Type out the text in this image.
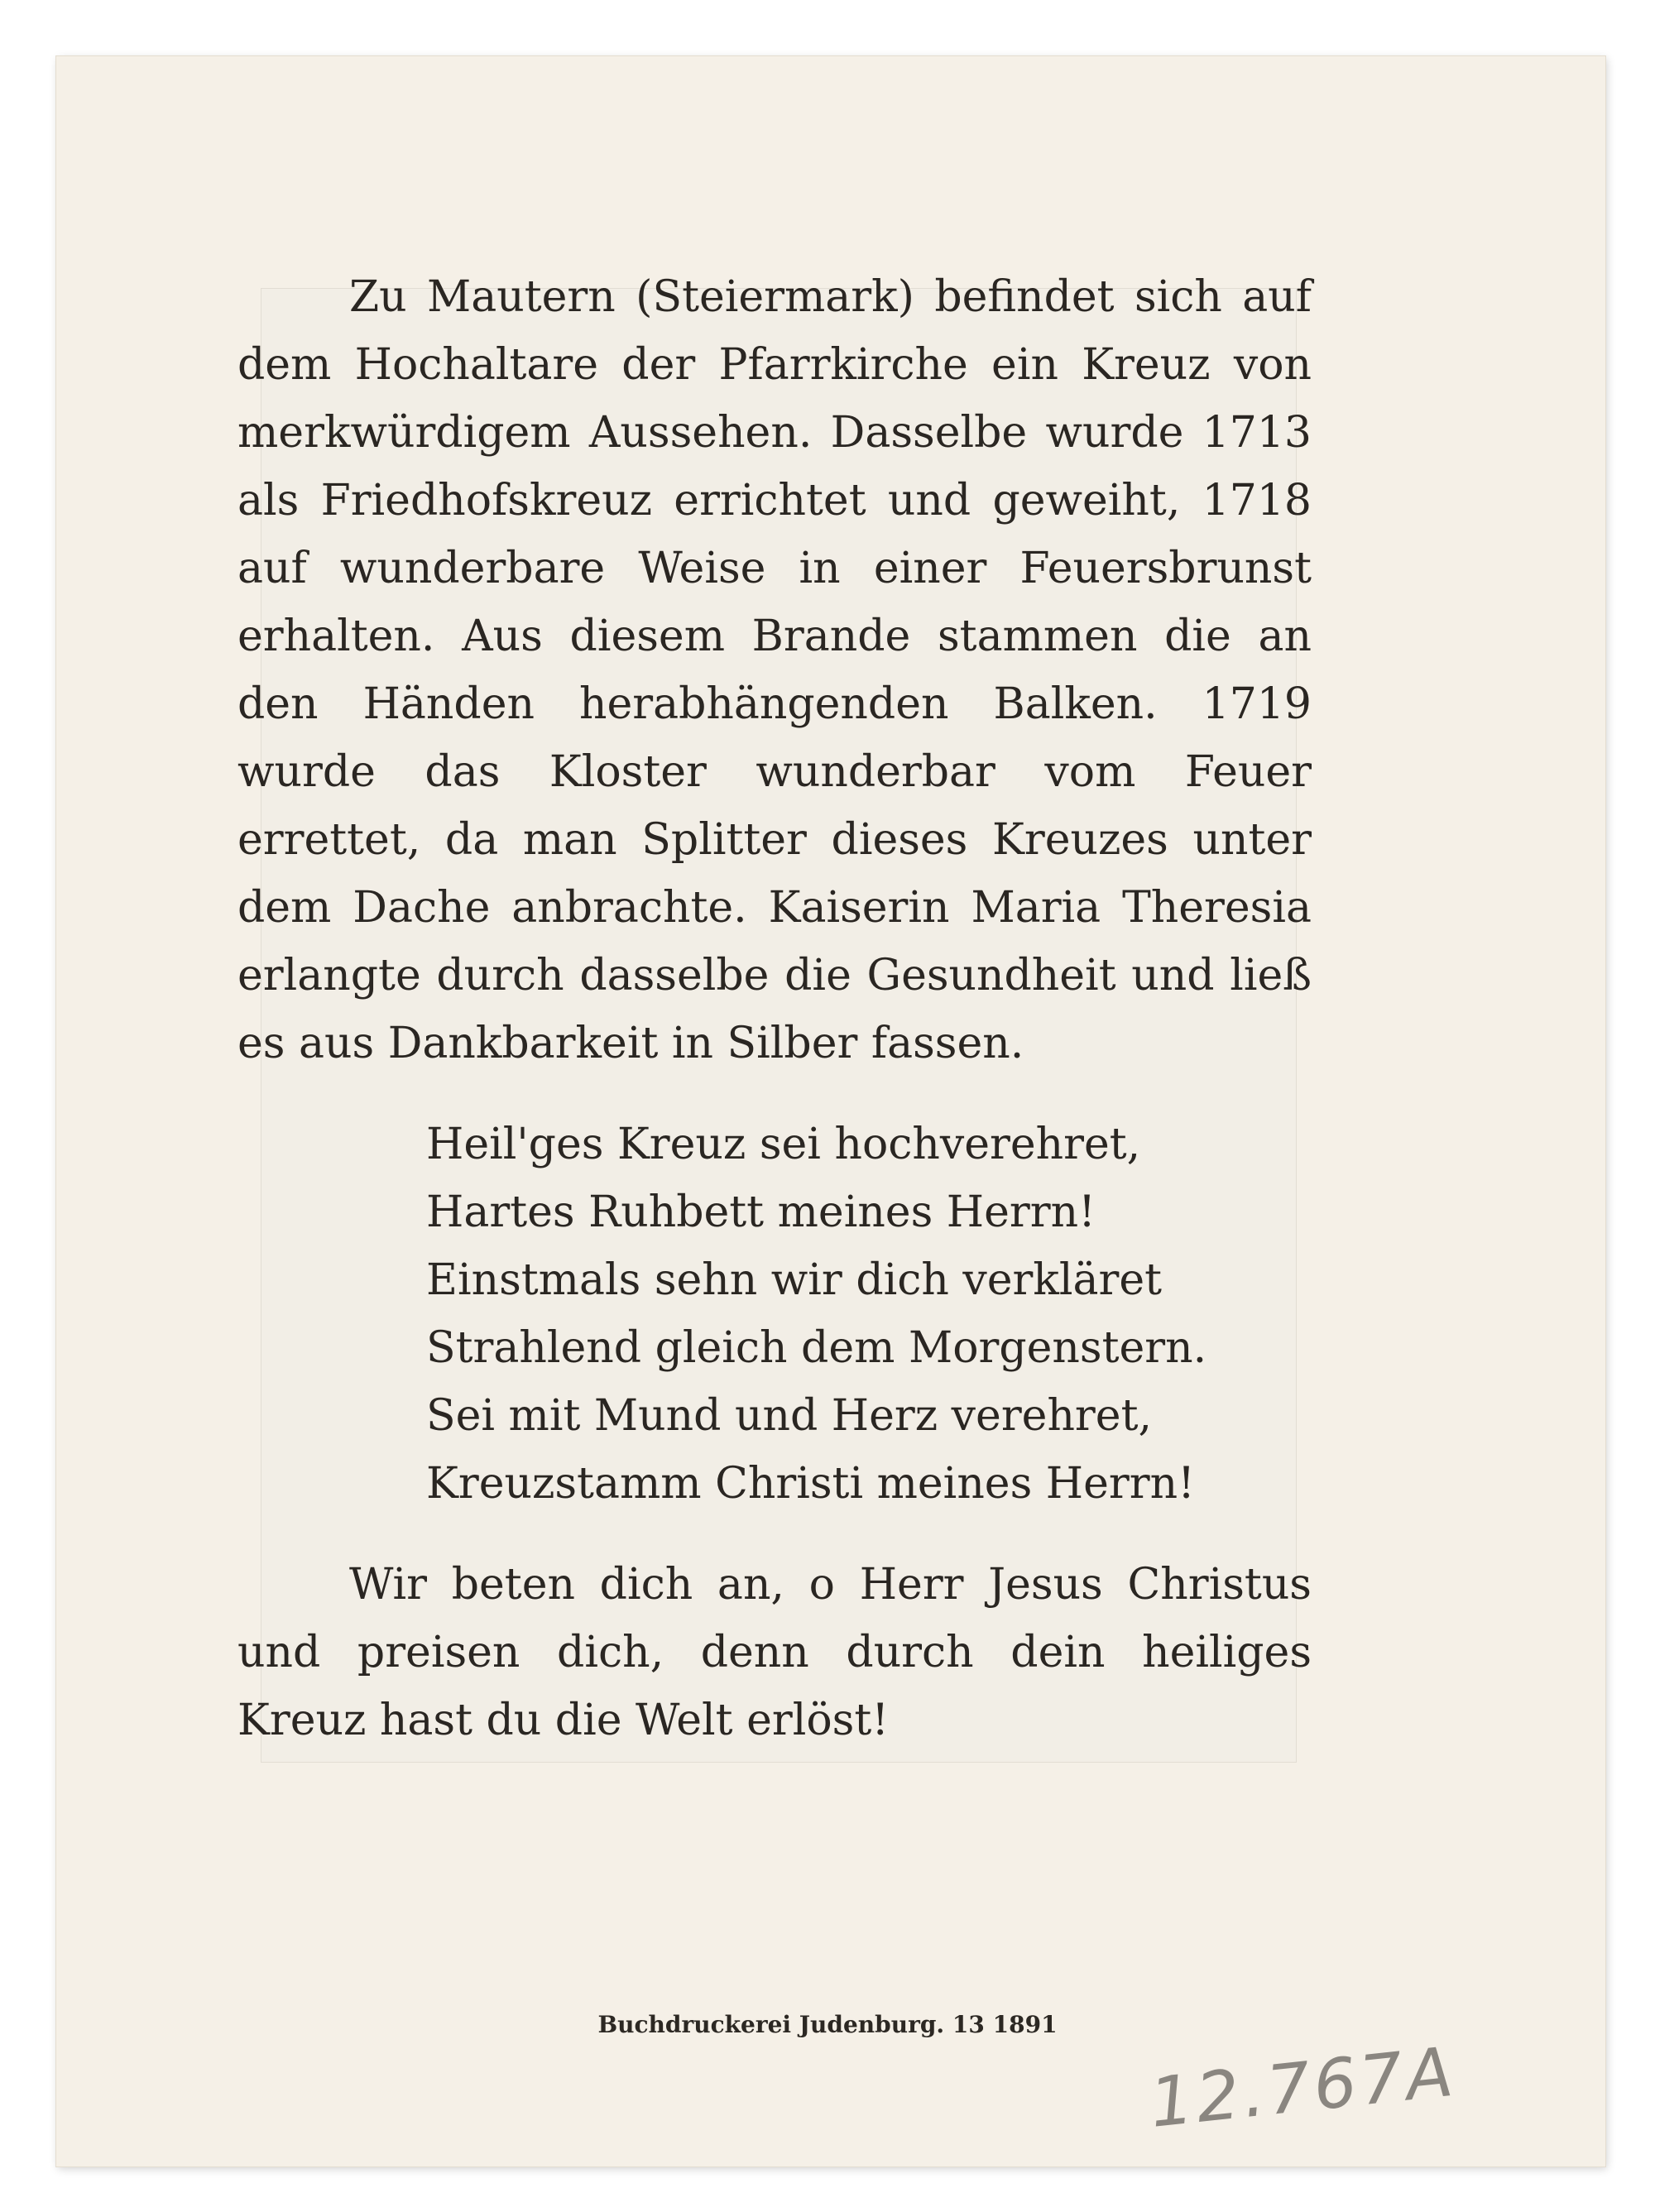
Zu Mautern (Steiermark) befindet sich auf dem Hochaltare der Pfarrkirche ein Kreuz von merkwürdigem Aussehen. Dasselbe wurde 1713 als Friedhofskreuz errichtet und geweiht, 1718 auf wunderbare Weise in einer Feuersbrunst erhalten. Aus diesem Brande stammen die an den Händen herabhängenden Balken. 1719 wurde das Kloster wunderbar vom Feuer errettet, da man Splitter dieses Kreuzes unter dem Dache anbrachte. Kaiserin Maria Theresia erlangte durch dasselbe die Gesundheit und ließ es aus Dankbarkeit in Silber fassen.

Heil'ges Kreuz sei hochverehret,
Hartes Ruhbett meines Herrn!
Einstmals sehn wir dich verkläret
Strahlend gleich dem Morgenstern.
Sei mit Mund und Herz verehret,
Kreuzstamm Christi meines Herrn!

Wir beten dich an, o Herr Jesus Christus und preisen dich, denn durch dein heiliges Kreuz hast du die Welt erlöst!

Buchdruckerei Judenburg. 13 1891
12.767A
